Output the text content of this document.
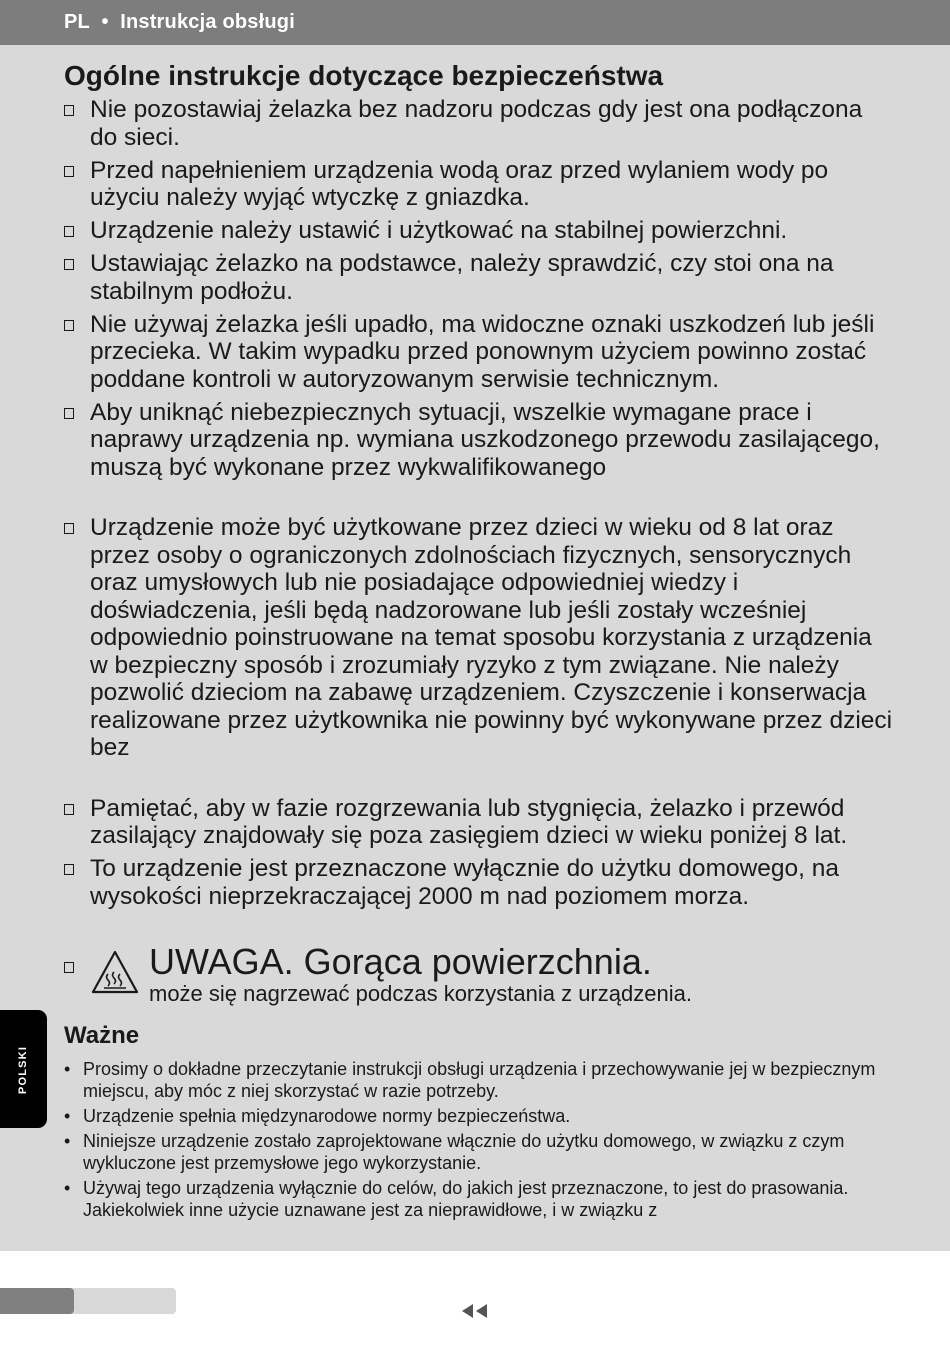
PL • Instrukcja obsługi
Ogólne instrukcje dotyczące bezpieczeństwa
Nie pozostawiaj żelazka bez nadzoru podczas gdy jest ona podłączona do sieci.
Przed napełnieniem urządzenia wodą oraz przed wylaniem wody po użyciu należy wyjąć wtyczkę z gniazdka.
Urządzenie należy ustawić i użytkować na stabilnej powierzchni.
Ustawiając żelazko na podstawce, należy sprawdzić, czy stoi ona na stabilnym podłożu.
Nie używaj żelazka jeśli upadło, ma widoczne oznaki uszkodzeń lub jeśli przecieka. W takim wypadku przed ponownym użyciem powinno zostać poddane kontroli w autoryzowanym serwisie technicznym.
Aby uniknąć niebezpiecznych sytuacji, wszelkie wymagane prace i naprawy urządzenia np. wymiana uszkodzonego przewodu zasilającego, muszą być wykonane przez wykwalifikowanego
Urządzenie może być użytkowane przez dzieci w wieku od 8 lat oraz przez osoby o ograniczonych zdolnościach fizycznych, sensorycznych oraz umysłowych lub nie posiadające odpowiedniej wiedzy i doświadczenia, jeśli będą nadzorowane lub jeśli zostały wcześniej odpowiednio poinstruowane na temat sposobu korzystania z urządzenia w bezpieczny sposób i zrozumiały ryzyko z tym związane. Nie należy pozwolić dzieciom na zabawę urządzeniem. Czyszczenie i konserwacja realizowane przez użytkownika nie powinny być wykonywane przez dzieci bez
Pamiętać, aby w fazie rozgrzewania lub stygnięcia, żelazko i przewód zasilający znajdowały się poza zasięgiem dzieci w wieku poniżej 8 lat.
To urządzenie jest przeznaczone wyłącznie do użytku domowego, na wysokości nieprzekraczającej 2000 m nad poziomem morza.
UWAGA. Gorąca powierzchnia.
może się nagrzewać podczas korzystania z urządzenia.
Ważne
• Prosimy o dokładne przeczytanie instrukcji obsługi urządzenia i przechowywanie jej w bezpiecznym miejscu, aby móc z niej skorzystać w razie potrzeby.
• Urządzenie spełnia międzynarodowe normy bezpieczeństwa.
• Niniejsze urządzenie zostało zaprojektowane włącznie do użytku domowego, w związku z czym wykluczone jest przemysłowe jego wykorzystanie.
• Używaj tego urządzenia wyłącznie do celów, do jakich jest przeznaczone, to jest do prasowania. Jakiekolwiek inne użycie uznawane jest za nieprawidłowe, i w związku z
POLSKI
